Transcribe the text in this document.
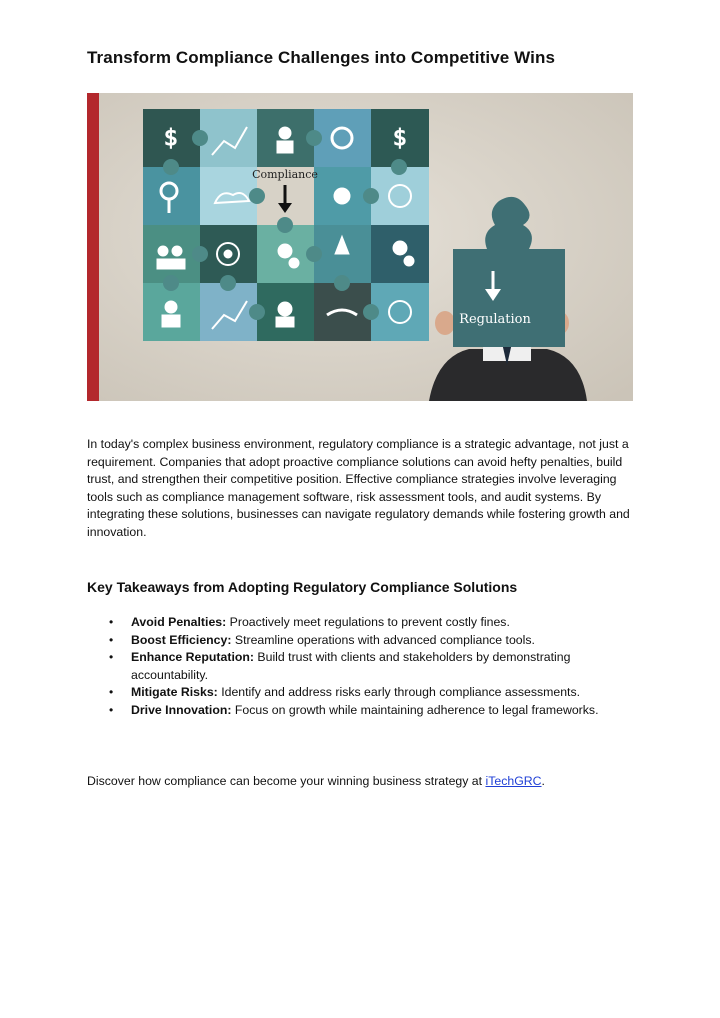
Transform Compliance Challenges into Competitive Wins
$	$
Compliance
Regulation

In today's complex business environment, regulatory compliance is a strategic advantage, not just a requirement. Companies that adopt proactive compliance solutions can avoid hefty penalties, build trust, and strengthen their competitive position. Effective compliance strategies involve leveraging tools such as compliance management software, risk assessment tools, and audit systems. By integrating these solutions, businesses can navigate regulatory demands while fostering growth and innovation.

Key Takeaways from Adopting Regulatory Compliance Solutions
• Avoid Penalties: Proactively meet regulations to prevent costly fines.
• Boost Efficiency: Streamline operations with advanced compliance tools.
• Enhance Reputation: Build trust with clients and stakeholders by demonstrating accountability.
• Mitigate Risks: Identify and address risks early through compliance assessments.
• Drive Innovation: Focus on growth while maintaining adherence to legal frameworks.

Discover how compliance can become your winning business strategy at iTechGRC.
